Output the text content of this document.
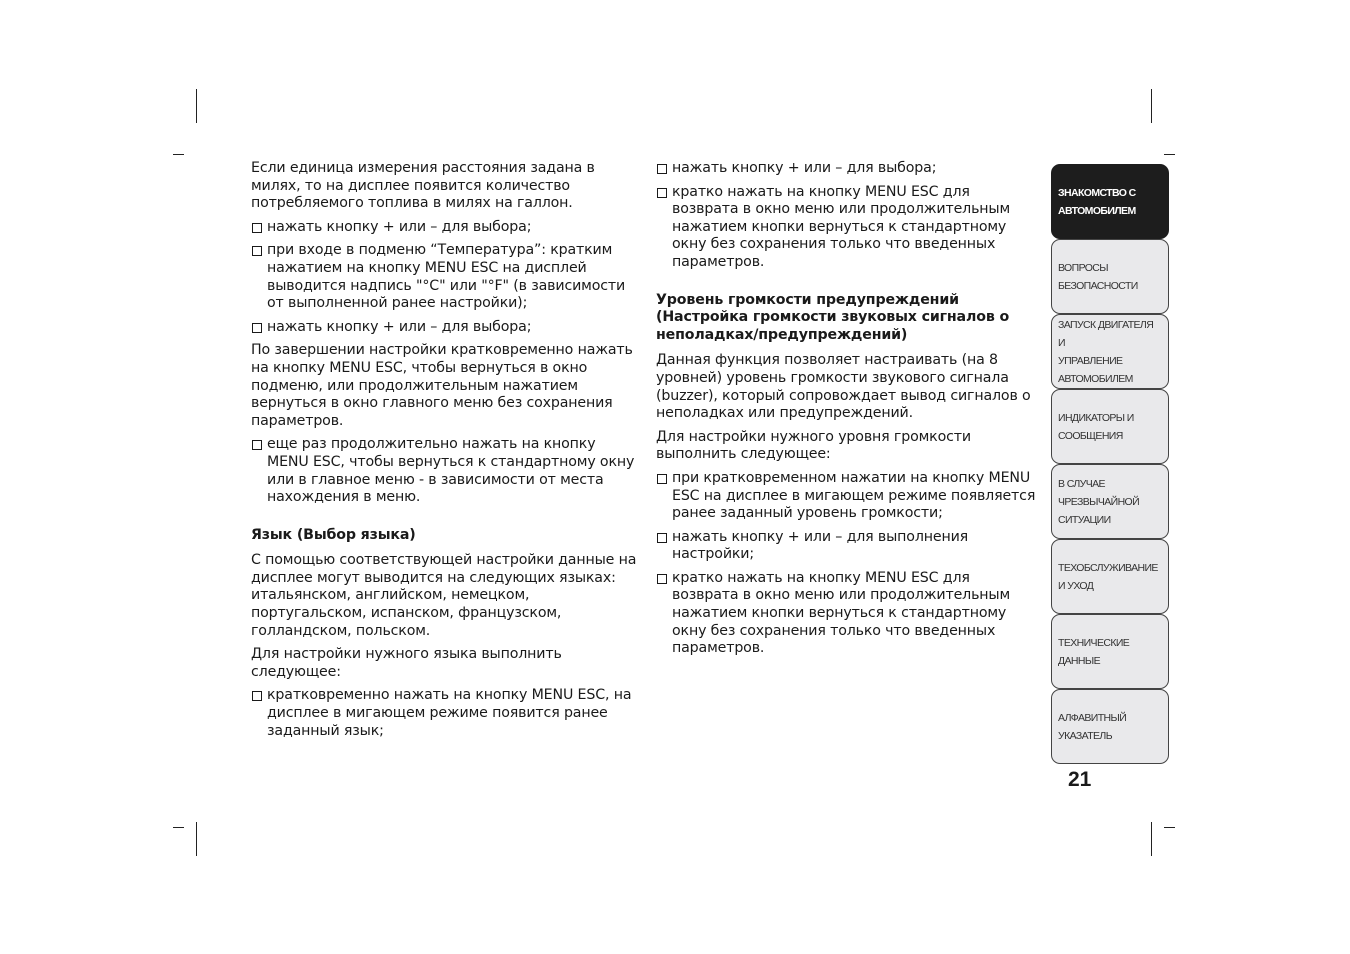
Если единица измерения расстояния задана в милях, то на дисплее появится количество потребляемого топлива в милях на галлон.

нажать кнопку + или – для выбора;
при входе в подменю “Температура”: кратким нажатием на кнопку MENU ESC на дисплей выводится надпись "°C" или "°F" (в зависимости от выполненной ранее настройки);
нажать кнопку + или – для выбора;

По завершении настройки кратковременно нажать на кнопку MENU ESC, чтобы вернуться в окно подменю, или продолжительным нажатием вернуться в окно главного меню без сохранения параметров.

еще раз продолжительно нажать на кнопку MENU ESC, чтобы вернуться к стандартному окну или в главное меню - в зависимости от места нахождения в меню.
Язык (Выбор языка)

С помощью соответствующей настройки данные на дисплее могут выводится на следующих языках: итальянском, английском, немецком, португальском, испанском, французском, голландском, польском.

Для настройки нужного языка выполнить следующее:

кратковременно нажать на кнопку MENU ESC, на дисплее в мигающем режиме появится ранее заданный язык;
нажать кнопку + или – для выбора;
кратко нажать на кнопку MENU ESC для возврата в окно меню или продолжительным нажатием кнопки вернуться к стандартному окну без сохранения только что введенных параметров.
Уровень громкости предупреждений (Настройка громкости звуковых сигналов о неполадках/предупреждений)

Данная функция позволяет настраивать (на 8 уровней) уровень громкости звукового сигнала (buzzer), который сопровождает вывод сигналов о неполадках или предупреждений.

Для настройки нужного уровня громкости выполнить следующее:

при кратковременном нажатии на кнопку MENU ESC на дисплее в мигающем режиме появляется ранее заданный уровень громкости;
нажать кнопку + или – для выполнения настройки;
кратко нажать на кнопку MENU ESC для возврата в окно меню или продолжительным нажатием кнопки вернуться к стандартному окну без сохранения только что введенных параметров.
ЗНАКОМСТВО С
АВТОМОБИЛЕМ
ВОПРОСЫ
БЕЗОПАСНОСТИ
ЗАПУСК ДВИГАТЕЛЯ И
УПРАВЛЕНИЕ
АВТОМОБИЛЕМ
ИНДИКАТОРЫ И
СООБЩЕНИЯ
В СЛУЧАЕ
ЧРЕЗВЫЧАЙНОЙ
СИТУАЦИИ
ТЕХОБСЛУЖИВАНИЕ
И УХОД
ТЕХНИЧЕСКИЕ
ДАННЫЕ
АЛФАВИТНЫЙ
УКАЗАТЕЛЬ
21
